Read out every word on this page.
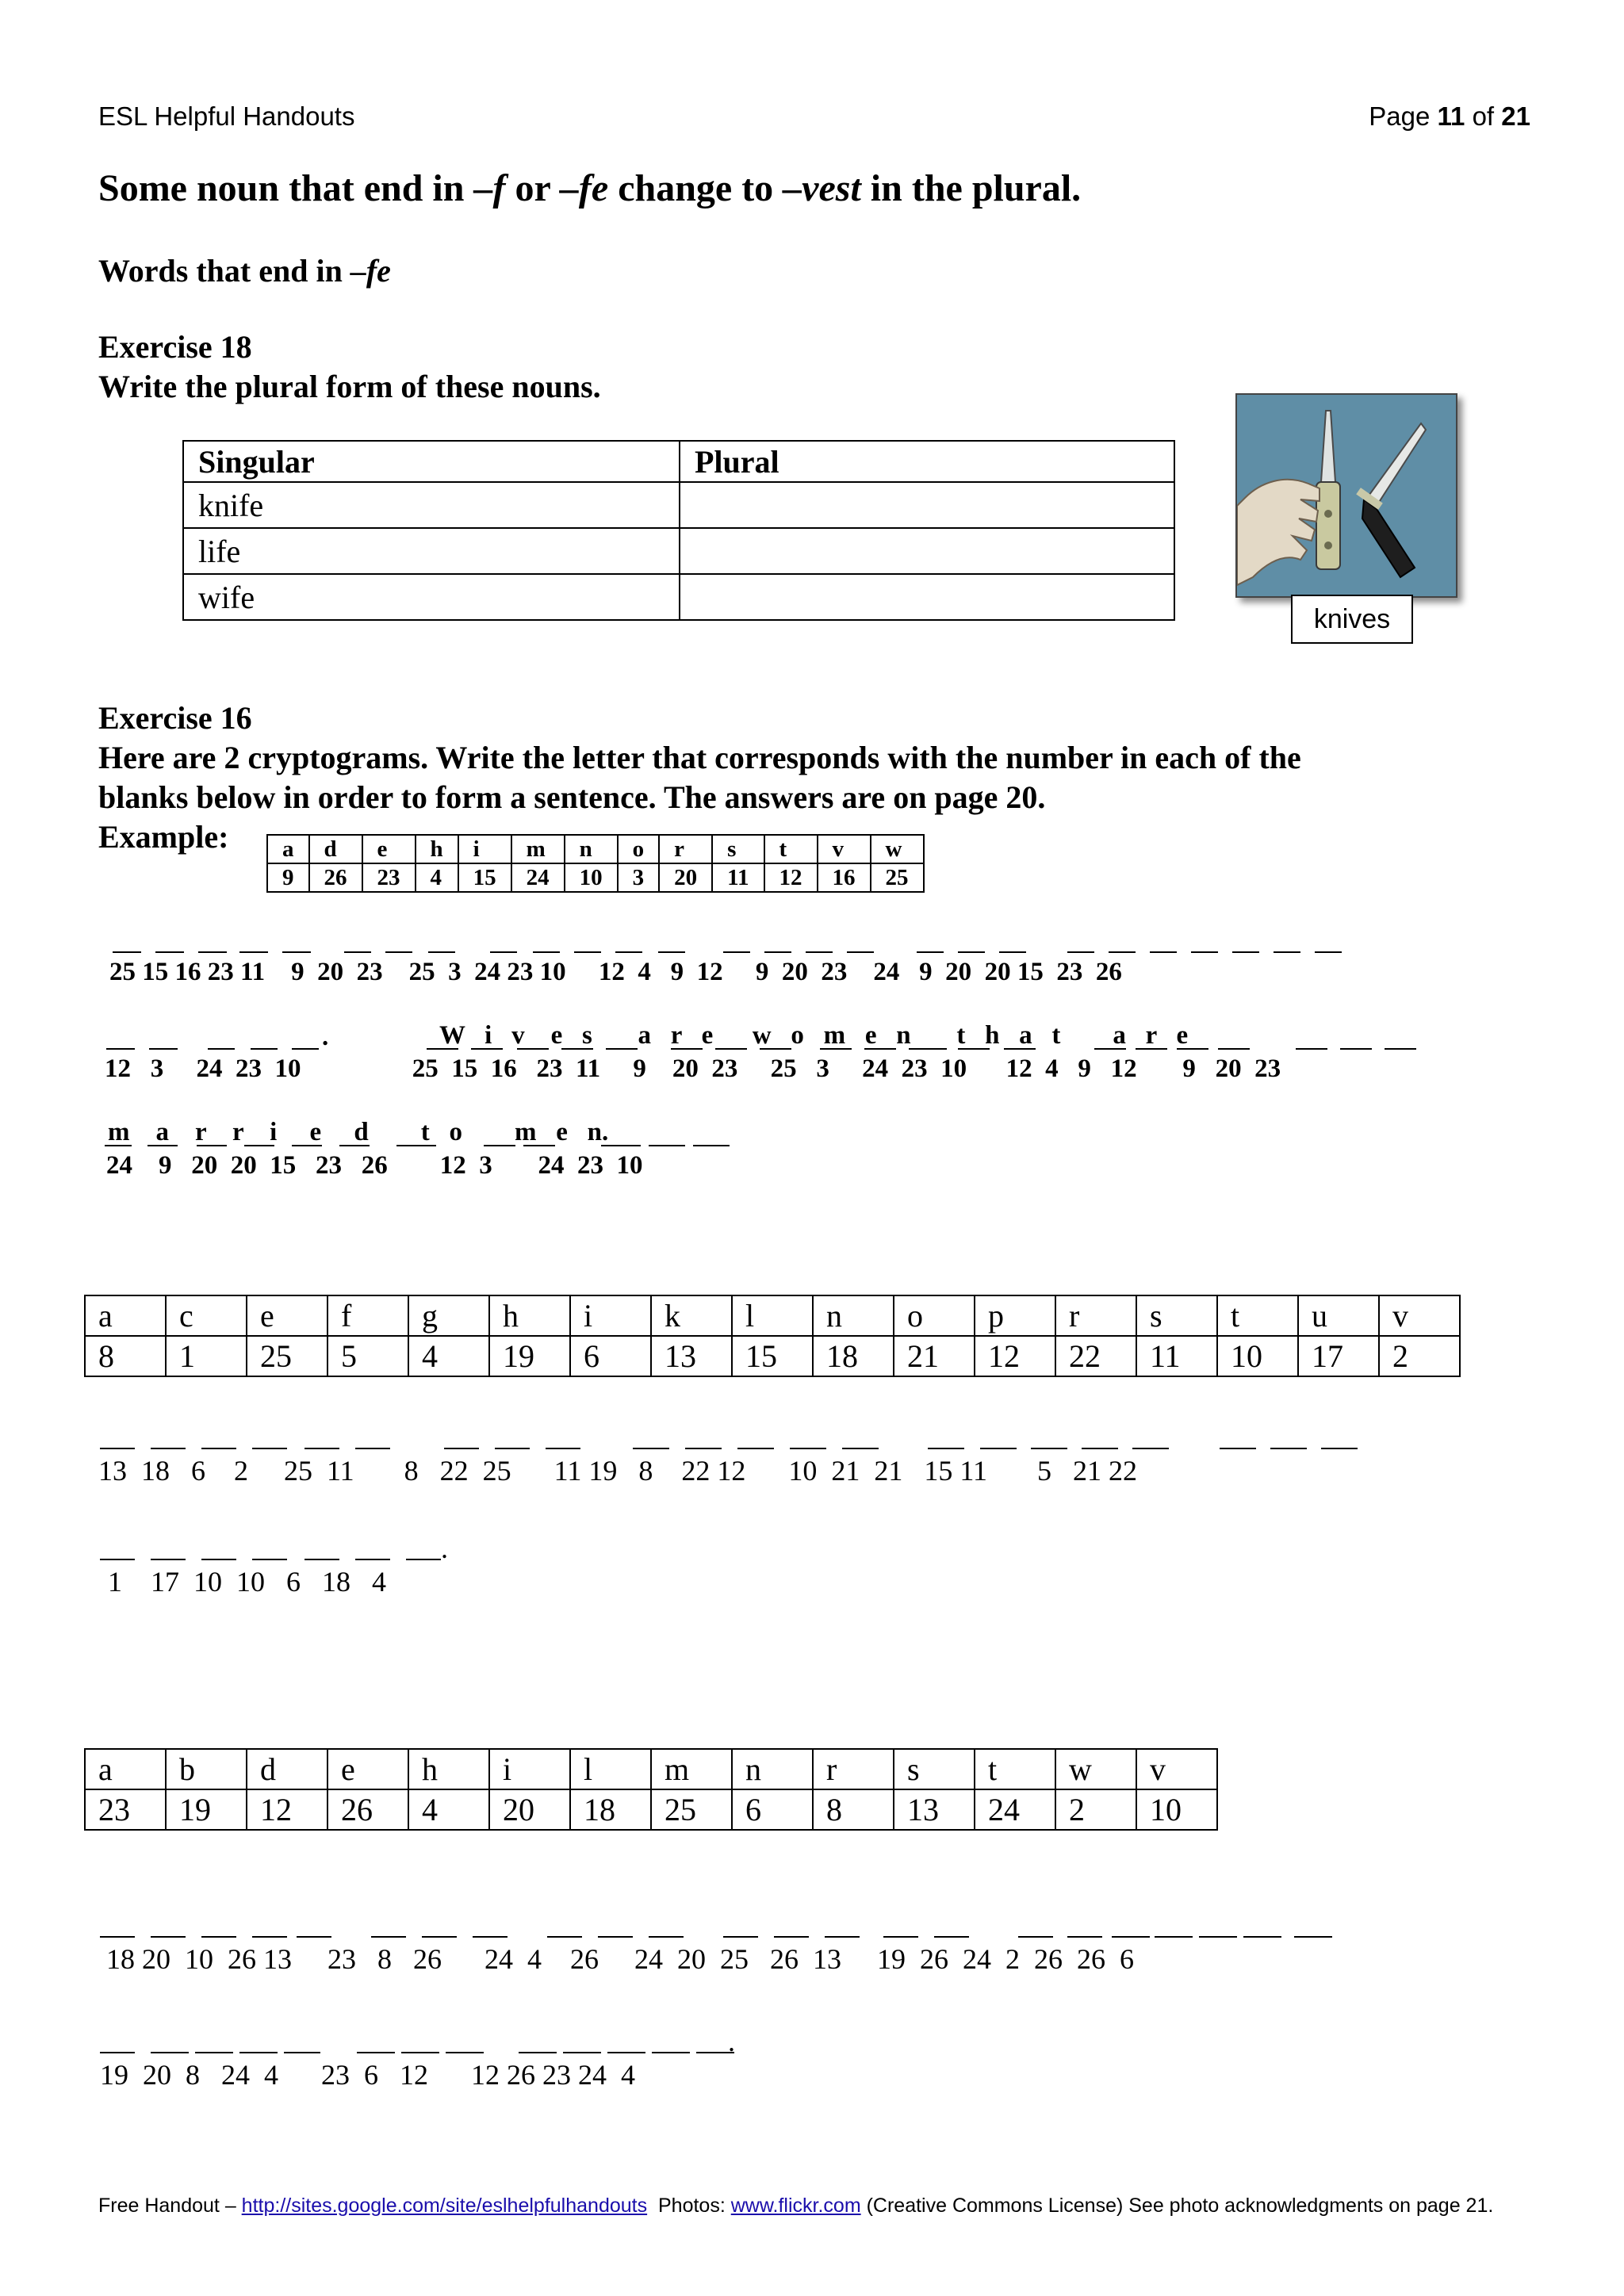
ESL Helpful Handouts	Page 11 of 21
Some noun that end in –f or –fe change to –vest in the plural.
Words that end in –fe
Exercise 18
Write the plural form of these nouns.
Singular	Plural
knife	
life	
wife	
knives
Exercise 16
Here are 2 cryptograms. Write the letter that corresponds with the number in each of the
blanks below in order to form a sentence. The answers are on page 20.
Example: a	d	e	h	i	m	n	o	r	s	t	v	w
9	26	23	4	15	24	10	3	20	11	12	16	25
25 15 16 23 11    9  20  23    25  3  24 23 10     12  4   9  12     9  20  23    24   9  20  20 15  23  26
.	W   i   v    e   s       a   r   e      w   o   m   e   n       t   h   a   t        a   r   e
12   3     24  23  10                 25  15  16   23  11     9    20  23     25   3     24  23  10      12  4   9   12       9   20  23
m    a    r    r    i     e     d        t   o        m   e   n.
24    9   20  20  15   23   26        12  3       24  23  10
a	c	e	f	g	h	i	k	l	n	o	p	r	s	t	u	v
8	1	25	5	4	19	6	13	15	18	21	12	22	11	10	17	2
13  18   6    2     25  11       8   22  25      11 19   8    22 12      10  21  21   15 11       5   21 22
.
1    17  10  10   6   18   4
a	b	d	e	h	i	l	m	n	r	s	t	w	v
23	19	12	26	4	20	18	25	6	8	13	24	2	10
18 20  10  26 13     23   8   26      24  4    26     24  20  25   26  13     19  26  24  2  26  26  6
.
19  20  8   24  4      23  6   12      12 26 23 24  4
Free Handout – http://sites.google.com/site/eslhelpfulhandouts  Photos: www.flickr.com (Creative Commons License) See photo acknowledgments on page 21.
